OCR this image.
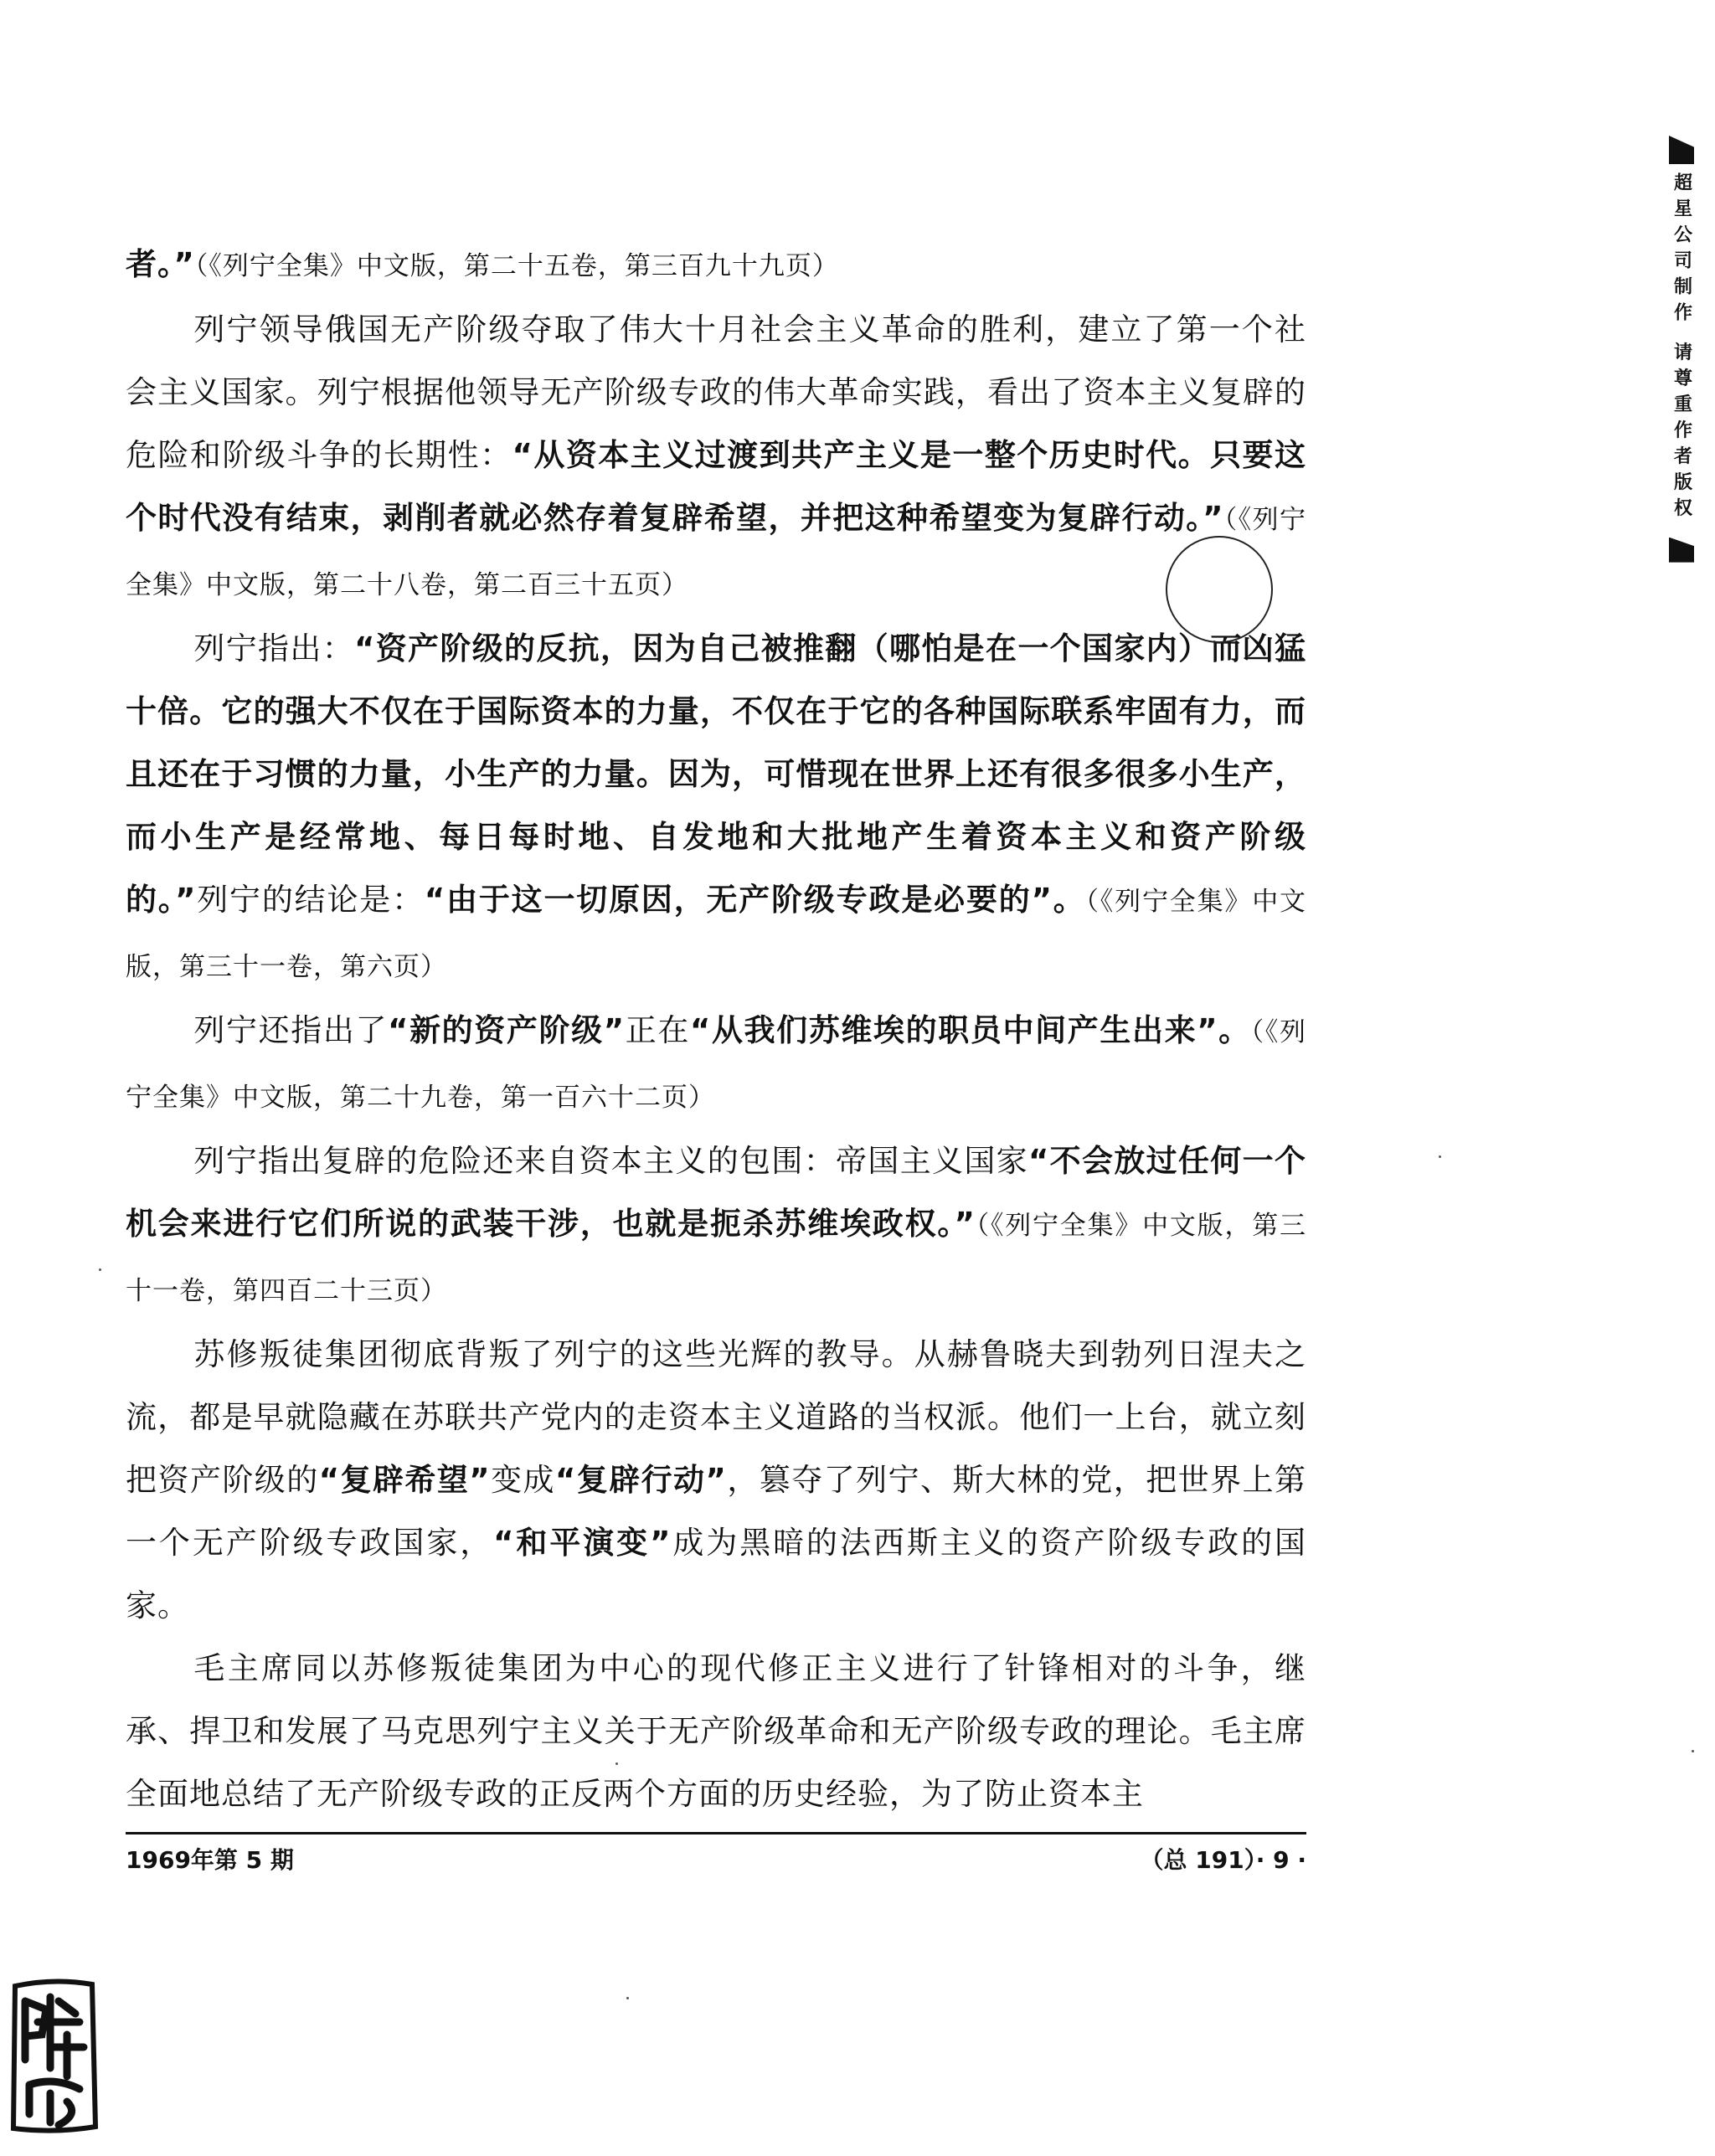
者。”（《列宁全集》中文版，第二十五卷，第三百九十九页）

列宁领导俄国无产阶级夺取了伟大十月社会主义革命的胜利，建立了第一个社会主义国家。列宁根据他领导无产阶级专政的伟大革命实践，看出了资本主义复辟的危险和阶级斗争的长期性：“从资本主义过渡到共产主义是一整个历史时代。只要这个时代没有结束，剥削者就必然存着复辟希望，并把这种希望变为复辟行动。”（《列宁全集》中文版，第二十八卷，第二百三十五页）

列宁指出：“资产阶级的反抗，因为自己被推翻（哪怕是在一个国家内）而凶猛十倍。它的强大不仅在于国际资本的力量，不仅在于它的各种国际联系牢固有力，而且还在于习惯的力量，小生产的力量。因为，可惜现在世界上还有很多很多小生产，而小生产是经常地、每日每时地、自发地和大批地产生着资本主义和资产阶级的。”列宁的结论是：“由于这一切原因，无产阶级专政是必要的”。（《列宁全集》中文版，第三十一卷，第六页）

列宁还指出了“新的资产阶级”正在“从我们苏维埃的职员中间产生出来”。（《列宁全集》中文版，第二十九卷，第一百六十二页）

列宁指出复辟的危险还来自资本主义的包围：帝国主义国家“不会放过任何一个机会来进行它们所说的武装干涉，也就是扼杀苏维埃政权。”（《列宁全集》中文版，第三十一卷，第四百二十三页）

苏修叛徒集团彻底背叛了列宁的这些光辉的教导。从赫鲁晓夫到勃列日涅夫之流，都是早就隐藏在苏联共产党内的走资本主义道路的当权派。他们一上台，就立刻把资产阶级的“复辟希望”变成“复辟行动”，篡夺了列宁、斯大林的党，把世界上第一个无产阶级专政国家，“和平演变”成为黑暗的法西斯主义的资产阶级专政的国家。

毛主席同以苏修叛徒集团为中心的现代修正主义进行了针锋相对的斗争，继承、捍卫和发展了马克思列宁主义关于无产阶级革命和无产阶级专政的理论。毛主席全面地总结了无产阶级专政的正反两个方面的历史经验，为了防止资本主

1969年第 5 期	（总 191）· 9 ·
超星公司制作 请尊重作者版权
